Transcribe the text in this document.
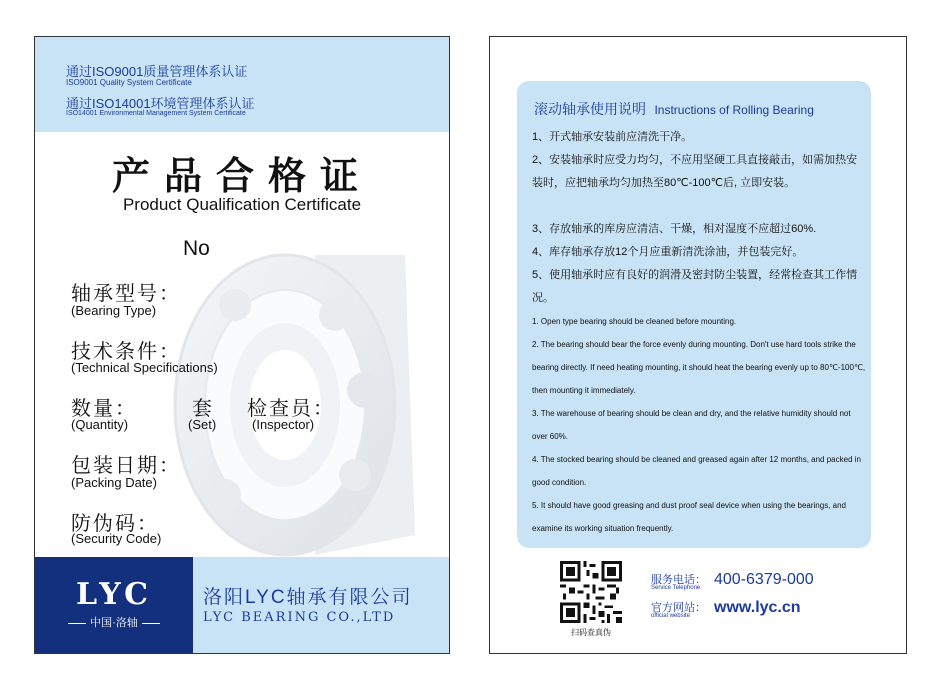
通过ISO9001质量管理体系认证
ISO9001 Quality System Certificate
通过ISO14001环境管理体系认证
ISO14001 Environmental Management System Certificate
产品合格证
Product Qualification Certificate
No
轴承型号：
(Bearing Type)
技术条件：
(Technical Specifications)
数量：
(Quantity)
套
(Set)
检查员：
(Inspector)
包装日期：
(Packing Date)
防伪码：
(Security Code)
LYC
中国·洛轴
洛阳LYC轴承有限公司
LYC BEARING CO.,LTD
滚动轴承使用说明 Instructions of Rolling Bearing
1、开式轴承安装前应清洗干净。
2、安装轴承时应受力均匀，不应用坚硬工具直接敲击，如需加热安装时，应把轴承均匀加热至80℃-100℃后, 立即安装。
3、存放轴承的库房应清洁、干燥，相对湿度不应超过60%.
4、库存轴承存放12个月应重新清洗涂油，并包装完好。
5、使用轴承时应有良好的润滑及密封防尘装置，经常检查其工作情况。
1. Open type bearing should be cleaned before mounting.
2. The bearing should bear the force evenly during mounting. Don't use hard tools strike the bearing directly. If need heating mounting, it should heat the bearing evenly up to 80℃-100℃, then mounting it immediately.
3. The warehouse of bearing should be clean and dry, and the relative humidity should not over 60%.
4. The stocked bearing should be cleaned and greased again after 12 months, and packed in good condition.
5. It should have good greasing and dust proof seal device when using the bearings, and examine its working situation frequently.
扫码查真伪
服务电话：
Service Telephone 400-6379-000
官方网站：
official website www.lyc.cn
